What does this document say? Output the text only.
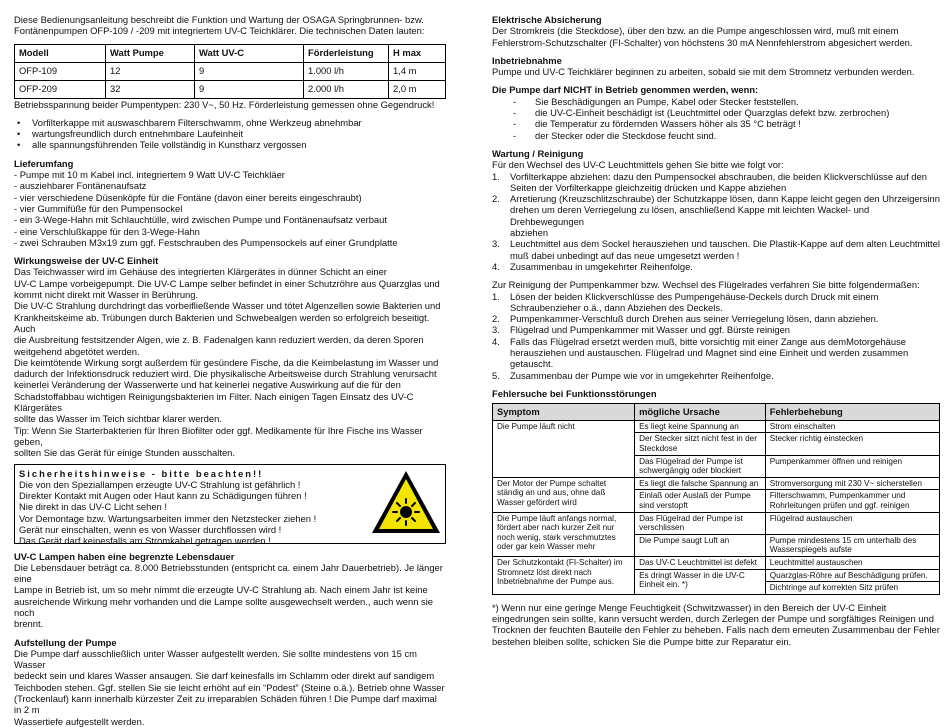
Diese Bedienungsanleitung beschreibt die Funktion und Wartung der OSAGA Springbrunnen- bzw.

Fontänenpumpen OFP-109 / -209 mit integriertem UV-C Teichklärer. Die technischen Daten lauten:

Modell	Watt Pumpe	Watt UV-C	Förderleistung	H max
OFP-109	12	9	1.000 l/h	1,4 m
OFP-209	32	9	2.000 l/h	2,0 m

Betriebsspannung beider Pumpentypen: 230 V~, 50 Hz. Förderleistung gemessen ohne Gegendruck!

• Vorfilterkappe mit auswaschbarem Filterschwamm, ohne Werkzeug abnehmbar
• wartungsfreundlich durch entnehmbare Laufeinheit
• alle spannungsführenden Teile vollständig in Kunstharz vergossen
Lieferumfang

- Pumpe mit 10 m Kabel incl. integriertem 9 Watt UV-C Teichkläer

- ausziehbarer Fontänenaufsatz

- vier verschiedene Düsenköpfe für die Fontäne (davon einer bereits eingeschraubt)

- vier Gummifüße für den Pumpensockel

- ein 3-Wege-Hahn mit Schlauchtülle, wird zwischen Pumpe und Fontänenaufsatz verbaut

- eine Verschlußkappe für den 3-Wege-Hahn

- zwei Schrauben M3x19 zum ggf. Festschrauben des Pumpensockels auf einer Grundplatte

Wirkungsweise der UV-C Einheit

Das Teichwasser wird im Gehäuse des integrierten Klärgerätes in dünner Schicht an einer

UV-C Lampe vorbeigepumpt. Die UV-C Lampe selber befindet in einer Schutzröhre aus Quarzglas und

kommt nicht direkt mit Wasser in Berührung.

Die UV-C Strahlung durchdringt das vorbeifließende Wasser und tötet Algenzellen sowie Bakterien und

Krankheitskeime ab. Trübungen durch Bakterien und Schwebealgen werden so erfolgreich beseitigt. Auch

die Ausbreitung festsitzender Algen, wie z. B. Fadenalgen kann reduziert werden, da deren Sporen

weitgehend abgetötet werden.

Die keimtötende Wirkung sorgt außerdem für gesündere Fische, da die Keimbelastung im Wasser und

dadurch der Infektionsdruck reduziert wird. Die physikalische Arbeitsweise durch Strahlung verursacht

keinerlei Veränderung der Wasserwerte und hat keinerlei negative Auswirkung auf die für den

Schadstoffabbau wichtigen Reinigungsbakterien im Filter. Nach einigen Tagen Einsatz des UV-C Klärgerätes

sollte das Wasser im Teich sichtbar klarer werden.

Tip: Wenn Sie Starterbakterien für Ihren Biofilter oder ggf. Medikamente für Ihre Fische ins Wasser geben,

sollten Sie das Gerät für einige Stunden ausschalten.

Sicherheitshinweise - bitte beachten!!

Die von den Speziallampen erzeugte UV-C Strahlung ist gefährlich !

Direkter Kontakt mit Augen oder Haut kann zu Schädigungen führen !

Nie direkt in das UV-C Licht sehen !

Vor Demontage bzw. Wartungsarbeiten immer den Netzstecker ziehen !

Gerät nur einschalten, wenn es von Wasser durchflossen wird !

Das Gerät darf keinesfalls am Stromkabel getragen werden !

UV-C Lampen haben eine begrenzte Lebensdauer

Die Lebensdauer beträgt ca. 8.000 Betriebsstunden (entspricht ca. einem Jahr Dauerbetrieb). Je länger eine

Lampe in Betrieb ist, um so mehr nimmt die erzeugte UV-C Strahlung ab. Nach einem Jahr ist keine

ausreichende Wirkung mehr vorhanden und die Lampe sollte ausgewechselt werden., auch wenn sie noch

brennt.

Aufstellung der Pumpe

Die Pumpe darf ausschließlich unter Wasser aufgestellt werden. Sie sollte mindestens von 15 cm Wasser

bedeckt sein und klares Wasser ansaugen. Sie darf keinesfalls im Schlamm oder direkt auf sandigem

Teichboden stehen. Ggf. stellen Sie sie leicht erhöht auf ein “Podest” (Steine o.ä.). Betrieb ohne Wasser

(Trockenlauf) kann innerhalb kürzester Zeit zu irreparablen Schäden führen ! Die Pumpe darf maximal in 2 m

Wassertiefe aufgestellt werden.

Elektrische Absicherung

Der Stromkreis (die Steckdose), über den bzw. an die Pumpe angeschlossen wird, muß mit einem

Fehlerstrom-Schutzschalter (FI-Schalter) von höchstens 30 mA Nennfehlerstrom abgesichert werden.

Inbetriebnahme

Pumpe und UV-C Teichklärer beginnen zu arbeiten, sobald sie mit dem Stromnetz verbunden werden.

Die Pumpe darf NICHT in Betrieb genommen werden, wenn:
- Sie Beschädigungen an Pumpe, Kabel oder Stecker feststellen.
- die UV-C-Einheit beschädigt ist (Leuchtmittel oder Quarzglas defekt bzw. zerbrochen)
- die Temperatur zu fördernden Wassers höher als 35 °C beträgt !
- der Stecker oder die Steckdose feucht sind.
Wartung / Reinigung

Für den Wechsel des UV-C Leuchtmittels gehen Sie bitte wie folgt vor:

1. Vorfilterkappe abziehen: dazu den Pumpensockel abschrauben, die beiden Klickverschlüsse auf den
Seiten der Vorfilterkappe gleichzeitig drücken und Kappe abziehen
2. Arretierung (Kreuzschlitzschraube) der Schutzkappe lösen, dann Kappe leicht gegen den Uhrzeigersinn
drehen um deren Verriegelung zu lösen, anschließend Kappe mit leichten Wackel- und Drehbewegungen
abziehen
3. Leuchtmittel aus dem Sockel herausziehen und tauschen. Die Plastik-Kappe auf dem alten Leuchtmittel
muß dabei unbedingt auf das neue umgesetzt werden !
4. Zusammenbau in umgekehrter Reihenfolge.

Zur Reinigung der Pumpenkammer bzw. Wechsel des Flügelrades verfahren Sie bitte folgendermaßen:

1. Lösen der beiden Klickverschlüsse des Pumpengehäuse-Deckels durch Druck mit einem
Schraubenzieher o.ä., dann Abziehen des Deckels.
2. Pumpenkammer-Verschluß durch Drehen aus seiner Verriegelung lösen, dann abziehen.
3. Flügelrad und Pumpenkammer mit Wasser und ggf. Bürste reinigen
4. Falls das Flügelrad ersetzt werden muß, bitte vorsichtig mit einer Zange aus demMotorgehäuse
herausziehen und austauschen. Flügelrad und Magnet sind eine Einheit und werden zusammen
getauscht.
5. Zusammenbau der Pumpe wie vor in umgekehrter Reihenfolge.
Fehlersuche bei Funktionsstörungen
Symptom	mögliche Ursache	Fehlerbehebung
Die Pumpe läuft nicht	Es liegt keine Spannung an	Strom einschalten
	Der Stecker sitzt nicht fest in der Steckdose	Stecker richtig einstecken
	Das Flügelrad der Pumpe ist schwergängig oder blockiert	Pumpenkammer öffnen und reinigen
Der Motor der Pumpe schaltet ständig an und aus, ohne daß Wasser gefördert wird	Es liegt die falsche Spannung an	Stromversorgung mit 230 V~ sicherstellen
	Einlaß oder Auslaß der Pumpe sind verstopft	Filterschwamm, Pumpenkammer und Rohrleitungen prüfen und ggf. reinigen
Die Pumpe läuft anfangs normal, fördert aber nach kurzer Zeit nur noch wenig, stark verschmutztes oder gar kein Wasser mehr	Das Flügelrad der Pumpe ist verschlissen	Flügelrad austauschen
	Die Pumpe saugt Luft an	Pumpe mindestens 15 cm unterhalb des Wasserspiegels aufste
Der Schutzkontakt (FI-Schalter) im Stromnetz löst direkt nach Inbetriebnahme der Pumpe aus.	Das UV-C Leuchtmittel ist defekt	Leuchtmittel austauschen
	Es dringt Wasser in die UV-C Einheit ein. *)	Quarzglas-Röhre auf Beschädigung prüfen.
		Dichtringe auf korrekten Sitz prüfen

*) Wenn nur eine geringe Menge Feuchtigkeit (Schwitzwasser) in den Bereich der UV-C Einheit

eingedrungen sein sollte, kann versucht werden, durch Zerlegen der Pumpe und sorgfältiges Reinigen und

Trocknen der feuchten Bauteile den Fehler zu beheben. Falls nach dem erneuten Zusammenbau der Fehler

bestehen bleiben sollte, schicken Sie die Pumpe bitte zur Reparatur ein.
